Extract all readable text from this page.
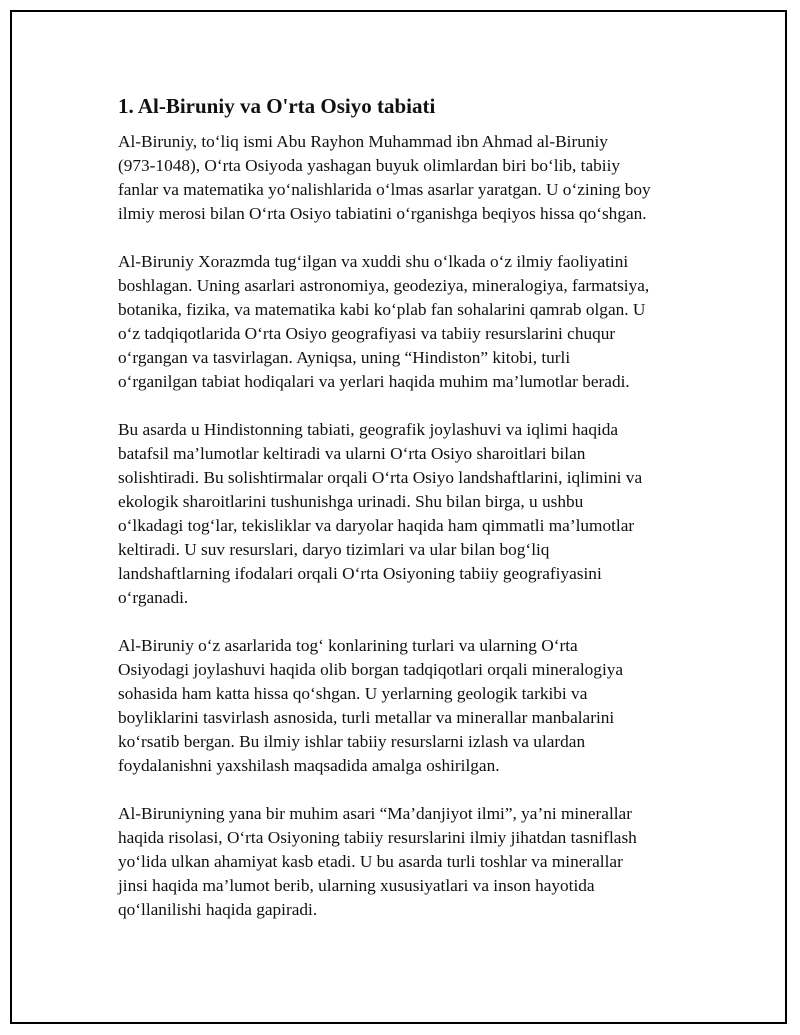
1. Al-Biruniy va O'rta Osiyo tabiati

Al-Biruniy, to‘liq ismi Abu Rayhon Muhammad ibn Ahmad al-Biruniy
(973-1048), O‘rta Osiyoda yashagan buyuk olimlardan biri bo‘lib, tabiiy
fanlar va matematika yo‘nalishlarida o‘lmas asarlar yaratgan. U o‘zining boy
ilmiy merosi bilan O‘rta Osiyo tabiatini o‘rganishga beqiyos hissa qo‘shgan.

Al-Biruniy Xorazmda tug‘ilgan va xuddi shu o‘lkada o‘z ilmiy faoliyatini
boshlagan. Uning asarlari astronomiya, geodeziya, mineralogiya, farmatsiya,
botanika, fizika, va matematika kabi ko‘plab fan sohalarini qamrab olgan. U
o‘z tadqiqotlarida O‘rta Osiyo geografiyasi va tabiiy resurslarini chuqur
o‘rgangan va tasvirlagan. Ayniqsa, uning “Hindiston” kitobi, turli
o‘rganilgan tabiat hodiqalari va yerlari haqida muhim ma’lumotlar beradi.

Bu asarda u Hindistonning tabiati, geografik joylashuvi va iqlimi haqida
batafsil ma’lumotlar keltiradi va ularni O‘rta Osiyo sharoitlari bilan
solishtiradi. Bu solishtirmalar orqali O‘rta Osiyo landshaftlarini, iqlimini va
ekologik sharoitlarini tushunishga urinadi. Shu bilan birga, u ushbu
o‘lkadagi tog‘lar, tekisliklar va daryolar haqida ham qimmatli ma’lumotlar
keltiradi. U suv resurslari, daryo tizimlari va ular bilan bog‘liq
landshaftlarning ifodalari orqali O‘rta Osiyoning tabiiy geografiyasini
o‘rganadi.

Al-Biruniy o‘z asarlarida tog‘ konlarining turlari va ularning O‘rta
Osiyodagi joylashuvi haqida olib borgan tadqiqotlari orqali mineralogiya
sohasida ham katta hissa qo‘shgan. U yerlarning geologik tarkibi va
boyliklarini tasvirlash asnosida, turli metallar va minerallar manbalarini
ko‘rsatib bergan. Bu ilmiy ishlar tabiiy resurslarni izlash va ulardan
foydalanishni yaxshilash maqsadida amalga oshirilgan.

Al-Biruniyning yana bir muhim asari “Ma’danjiyot ilmi”, ya’ni minerallar
haqida risolasi, O‘rta Osiyoning tabiiy resurslarini ilmiy jihatdan tasniflash
yo‘lida ulkan ahamiyat kasb etadi. U bu asarda turli toshlar va minerallar
jinsi haqida ma’lumot berib, ularning xususiyatlari va inson hayotida
qo‘llanilishi haqida gapiradi.
